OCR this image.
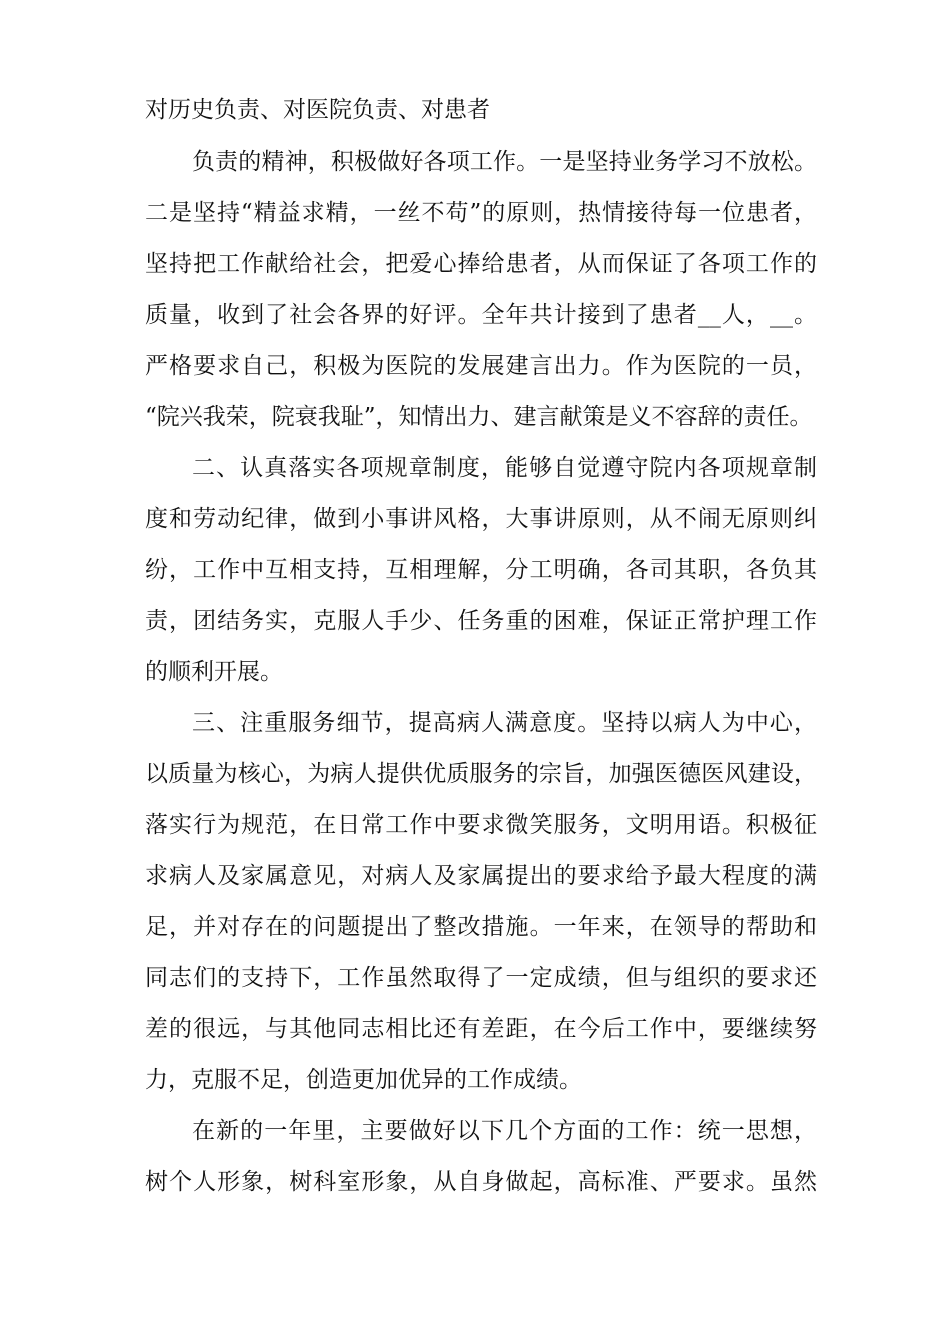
对历史负责、对医院负责、对患者
负责的精神，积极做好各项工作。一是坚持业务学习不放松。
二是坚持“精益求精，一丝不苟”的原则，热情接待每一位患者，
坚持把工作献给社会，把爱心捧给患者，从而保证了各项工作的
质量，收到了社会各界的好评。全年共计接到了患者__人，__。
严格要求自己，积极为医院的发展建言出力。作为医院的一员，
“院兴我荣，院衰我耻”，知情出力、建言献策是义不容辞的责任。
二、认真落实各项规章制度，能够自觉遵守院内各项规章制
度和劳动纪律，做到小事讲风格，大事讲原则，从不闹无原则纠
纷，工作中互相支持，互相理解，分工明确，各司其职，各负其
责，团结务实，克服人手少、任务重的困难，保证正常护理工作
的顺利开展。
三、注重服务细节，提高病人满意度。坚持以病人为中心，
以质量为核心，为病人提供优质服务的宗旨，加强医德医风建设，
落实行为规范，在日常工作中要求微笑服务，文明用语。积极征
求病人及家属意见，对病人及家属提出的要求给予最大程度的满
足，并对存在的问题提出了整改措施。一年来，在领导的帮助和
同志们的支持下，工作虽然取得了一定成绩，但与组织的要求还
差的很远，与其他同志相比还有差距，在今后工作中，要继续努
力，克服不足，创造更加优异的工作成绩。
在新的一年里，主要做好以下几个方面的工作：统一思想，
树个人形象，树科室形象，从自身做起，高标准、严要求。虽然
